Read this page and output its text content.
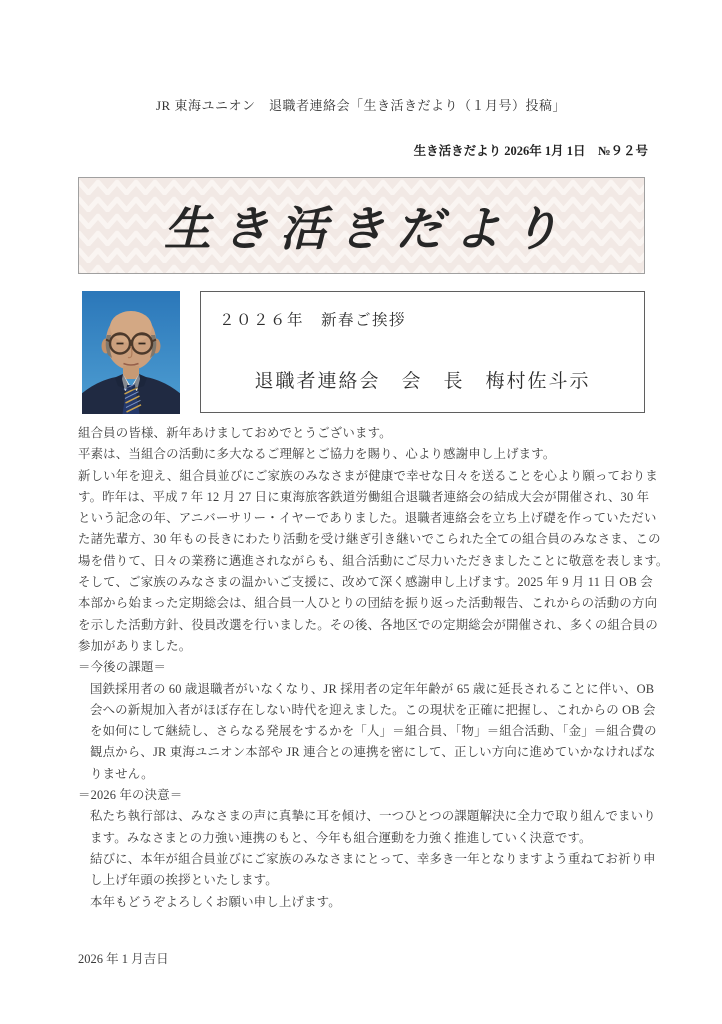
JR 東海ユニオン　退職者連絡会「生き活きだより（１月号）投稿」
生き活きだより 2026年 1月 1日　№９２号
生き活きだより
２０２６年　新春ご挨拶
退職者連絡会　会　長　梅村佐斗示
組合員の皆様、新年あけましておめでとうございます。
平素は、当組合の活動に多大なるご理解とご協力を賜り、心より感謝申し上げます。
新しい年を迎え、組合員並びにご家族のみなさまが健康で幸せな日々を送ることを心より願っておりま
す。昨年は、平成 7 年 12 月 27 日に東海旅客鉄道労働組合退職者連絡会の結成大会が開催され、30 年
という記念の年、アニバーサリー・イヤーでありました。退職者連絡会を立ち上げ礎を作っていただい
た諸先輩方、30 年もの長きにわたり活動を受け継ぎ引き継いでこられた全ての組合員のみなさま、この
場を借りて、日々の業務に邁進されながらも、組合活動にご尽力いただきましたことに敬意を表します。
そして、ご家族のみなさまの温かいご支援に、改めて深く感謝申し上げます。2025 年 9 月 11 日 OB 会
本部から始まった定期総会は、組合員一人ひとりの団結を振り返った活動報告、これからの活動の方向
を示した活動方針、役員改選を行いました。その後、各地区での定期総会が開催され、多くの組合員の
参加がありました。
＝今後の課題＝
国鉄採用者の 60 歳退職者がいなくなり、JR 採用者の定年年齢が 65 歳に延長されることに伴い、OB
会への新規加入者がほぼ存在しない時代を迎えました。この現状を正確に把握し、これからの OB 会
を如何にして継続し、さらなる発展をするかを「人」＝組合員、「物」＝組合活動、「金」＝組合費の
観点から、JR 東海ユニオン本部や JR 連合との連携を密にして、正しい方向に進めていかなければな
りません。
＝2026 年の決意＝
私たち執行部は、みなさまの声に真摯に耳を傾け、一つひとつの課題解決に全力で取り組んでまいり
ます。みなさまとの力強い連携のもと、今年も組合運動を力強く推進していく決意です。
結びに、本年が組合員並びにご家族のみなさまにとって、幸多き一年となりますよう重ねてお祈り申
し上げ年頭の挨拶といたします。
本年もどうぞよろしくお願い申し上げます。
2026 年 1 月吉日
